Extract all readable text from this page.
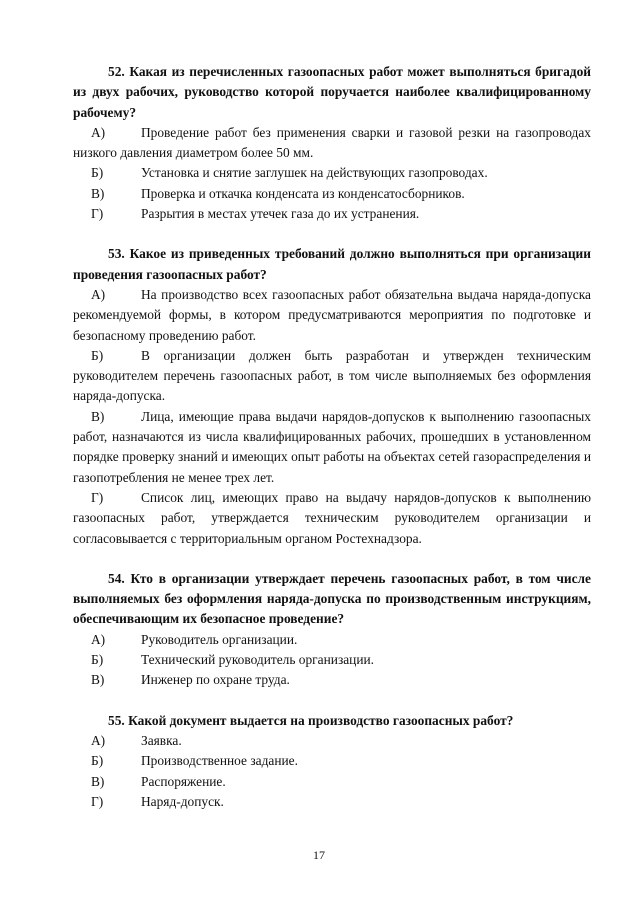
52. Какая из перечисленных газоопасных работ может выполняться бригадой из двух рабочих, руководство которой поручается наиболее квалифицированному рабочему?

А)	Проведение работ без применения сварки и газовой резки на газопроводах низкого давления диаметром более 50 мм.

Б)	Установка и снятие заглушек на действующих газопроводах.

В)	Проверка и откачка конденсата из конденсатосборников.

Г)	Разрытия в местах утечек газа до их устранения.

53. Какое из приведенных требований должно выполняться при организации проведения газоопасных работ?

А)	На производство всех газоопасных работ обязательна выдача наряда-допуска рекомендуемой формы, в котором предусматриваются мероприятия по подготовке и безопасному проведению работ.

Б)	В организации должен быть разработан и утвержден техническим руководителем перечень газоопасных работ, в том числе выполняемых без оформления наряда-допуска.

В)	Лица, имеющие права выдачи нарядов-допусков к выполнению газоопасных работ, назначаются из числа квалифицированных рабочих, прошедших в установленном порядке проверку знаний и имеющих опыт работы на объектах сетей газораспределения и газопотребления не менее трех лет.

Г)	Список лиц, имеющих право на выдачу нарядов-допусков к выполнению газоопасных работ, утверждается техническим руководителем организации и согласовывается с территориальным органом Ростехнадзора.

54. Кто в организации утверждает перечень газоопасных работ, в том числе выполняемых без оформления наряда-допуска по производственным инструкциям, обеспечивающим их безопасное проведение?

А)	Руководитель организации.

Б)	Технический руководитель организации.

В)	Инженер по охране труда.

55. Какой документ выдается на производство газоопасных работ?

А)	Заявка.

Б)	Производственное задание.

В)	Распоряжение.

Г)	Наряд-допуск.

17
